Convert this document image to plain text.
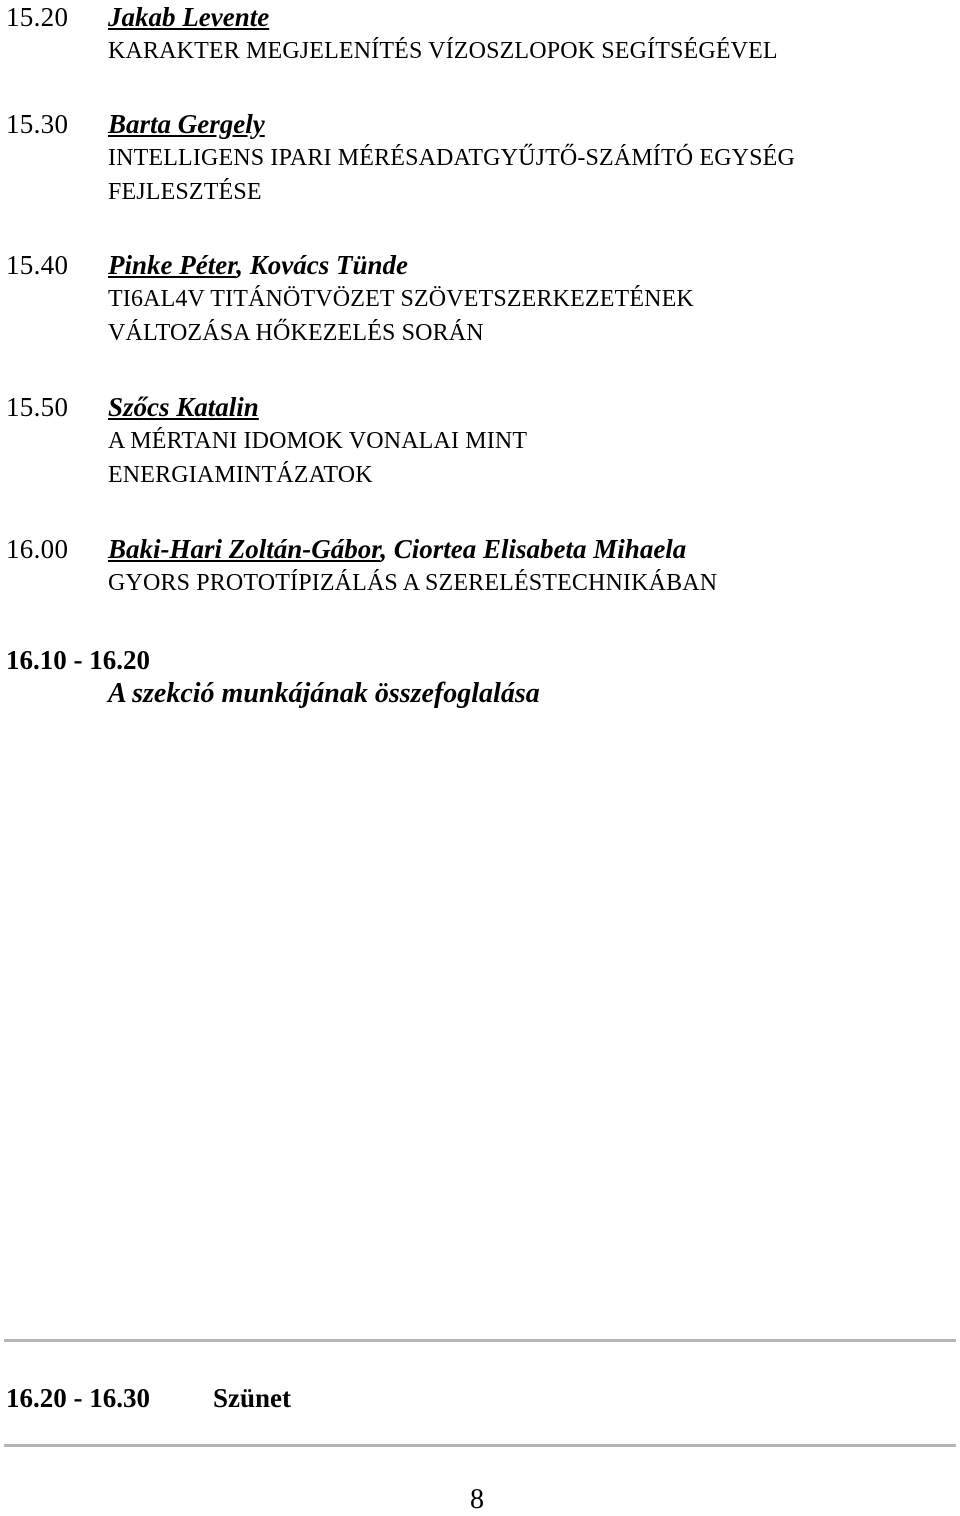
15.20 Jakab Levente
KARAKTER MEGJELENÍTÉS VÍZOSZLOPOK SEGÍTSÉGÉVEL
15.30 Barta Gergely
INTELLIGENS IPARI MÉRÉSADATGYŰJTŐ-SZÁMÍTÓ EGYSÉG
FEJLESZTÉSE
15.40 Pinke Péter, Kovács Tünde
TI6AL4V TITÁNÖTVÖZET SZÖVETSZERKEZETÉNEK
VÁLTOZÁSA HŐKEZELÉS SORÁN
15.50 Szőcs Katalin
A MÉRTANI IDOMOK VONALAI MINT
ENERGIAMINTÁZATOK
16.00 Baki-Hari Zoltán-Gábor, Ciortea Elisabeta Mihaela
GYORS PROTOTÍPIZÁLÁS A SZERELÉSTECHNIKÁBAN
16.10 - 16.20
A szekció munkájának összefoglalása
16.20 - 16.30 Szünet
8
